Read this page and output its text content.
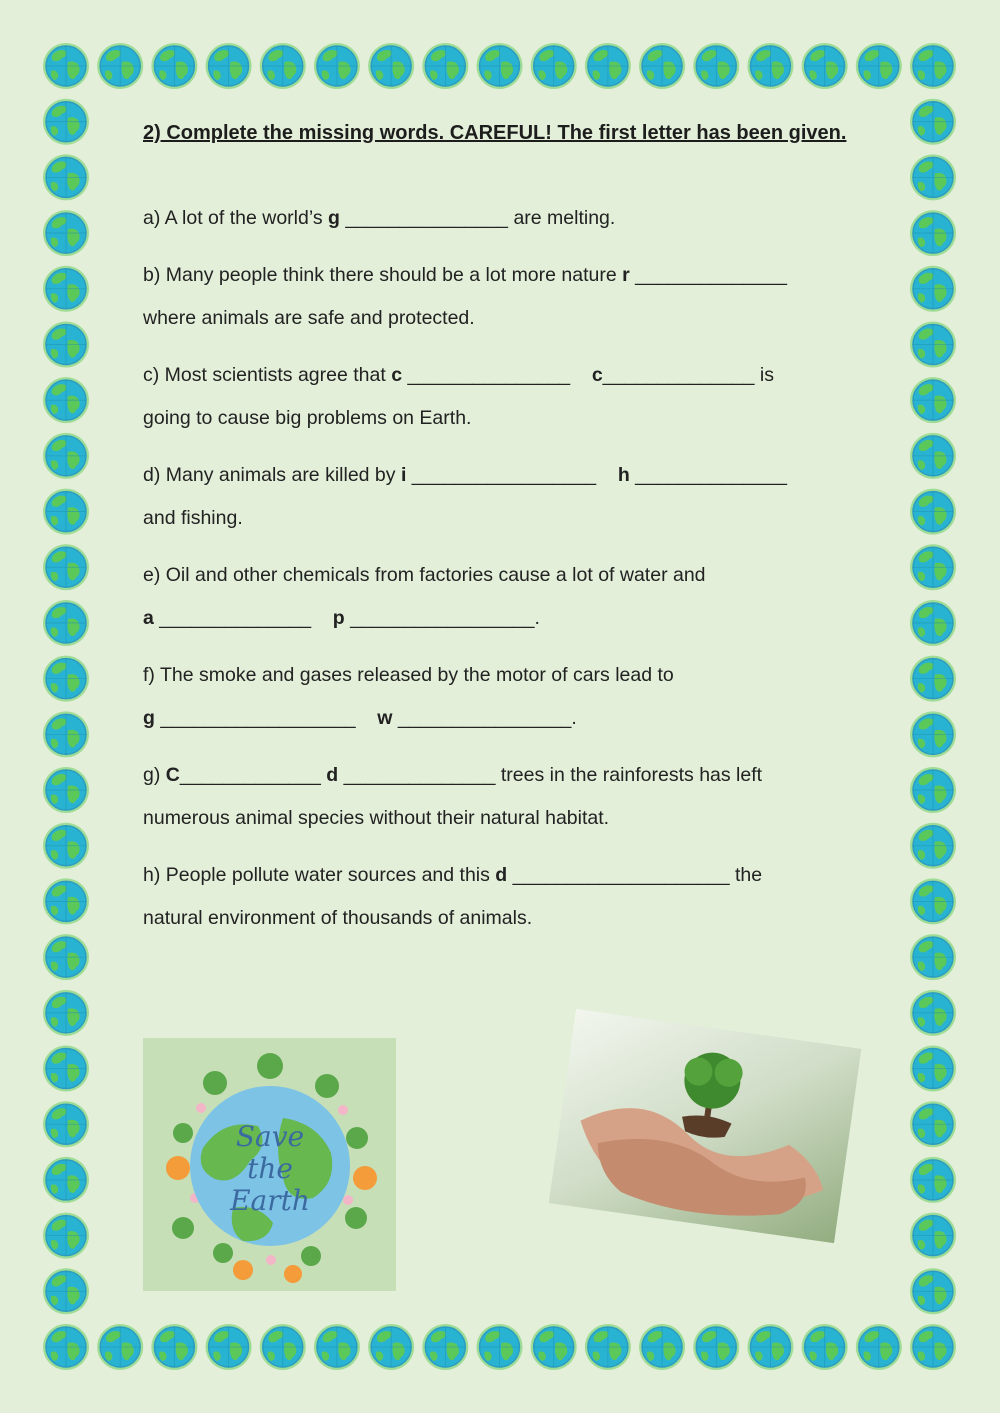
2) Complete the missing words. CAREFUL! The first letter has been given.

a) A lot of the world’s g _______________ are melting.
b) Many people think there should be a lot more nature r ______________
where animals are safe and protected.
c) Most scientists agree that c _______________ c______________ is
going to cause big problems on Earth.
d) Many animals are killed by i _________________ h ______________
and fishing.
e) Oil and other chemicals from factories cause a lot of water and
a ______________ p _________________.
f) The smoke and gases released by the motor of cars lead to
g __________________ w ________________.
g) C_____________ d ______________ trees in the rainforests has left
numerous animal species without their natural habitat.
h) People pollute water sources and this d ____________________ the
natural environment of thousands of animals.
Save
the
Earth
